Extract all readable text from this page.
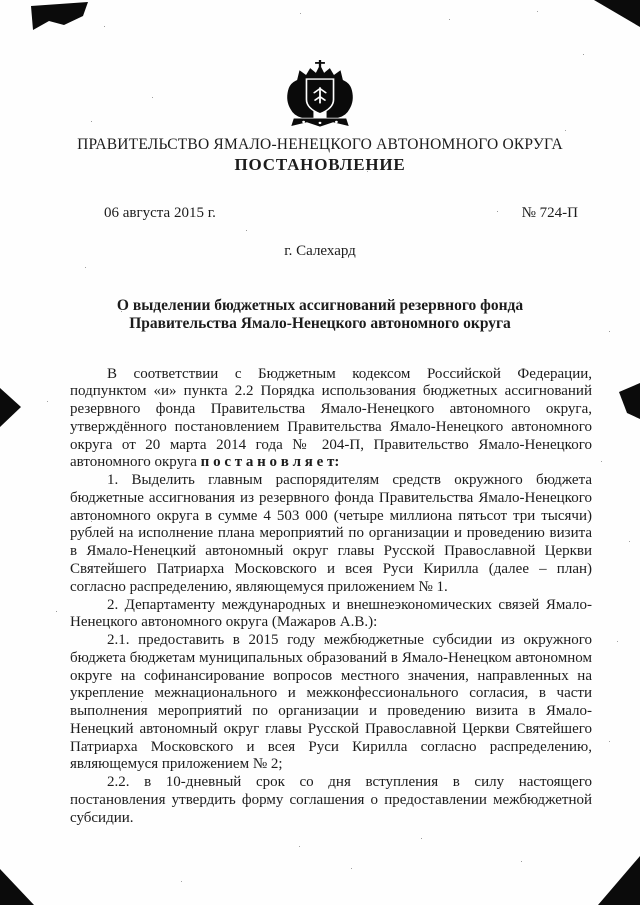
ПРАВИТЕЛЬСТВО ЯМАЛО-НЕНЕЦКОГО АВТОНОМНОГО ОКРУГА
ПОСТАНОВЛЕНИЕ
06 августа 2015 г.	№ 724-П
г. Салехард
О выделении бюджетных ассигнований резервного фонда Правительства Ямало-Ненецкого автономного округа

В соответствии с Бюджетным кодексом Российской Федерации, подпунктом «и» пункта 2.2 Порядка использования бюджетных ассигнований резервного фонда Правительства Ямало-Ненецкого автономного округа, утверждённого постановлением Правительства Ямало-Ненецкого автономного округа от 20 марта 2014 года № 204-П, Правительство Ямало-Ненецкого автономного округа п о с т а н о в л я е т:

1. Выделить главным распорядителям средств окружного бюджета бюджетные ассигнования из резервного фонда Правительства Ямало-Ненецкого автономного округа в сумме 4 503 000 (четыре миллиона пятьсот три тысячи) рублей на исполнение плана мероприятий по организации и проведению визита в Ямало-Ненецкий автономный округ главы Русской Православной Церкви Святейшего Патриарха Московского и всея Руси Кирилла (далее – план) согласно распределению, являющемуся приложением № 1.

2. Департаменту международных и внешнеэкономических связей Ямало-Ненецкого автономного округа (Мажаров А.В.):

2.1. предоставить в 2015 году межбюджетные субсидии из окружного бюджета бюджетам муниципальных образований в Ямало-Ненецком автономном округе на софинансирование вопросов местного значения, направленных на укрепление межнационального и межконфессионального согласия, в части выполнения мероприятий по организации и проведению визита в Ямало-Ненецкий автономный округ главы Русской Православной Церкви Святейшего Патриарха Московского и всея Руси Кирилла согласно распределению, являющемуся приложением № 2;

2.2. в 10-дневный срок со дня вступления в силу настоящего постановления утвердить форму соглашения о предоставлении межбюджетной субсидии.
